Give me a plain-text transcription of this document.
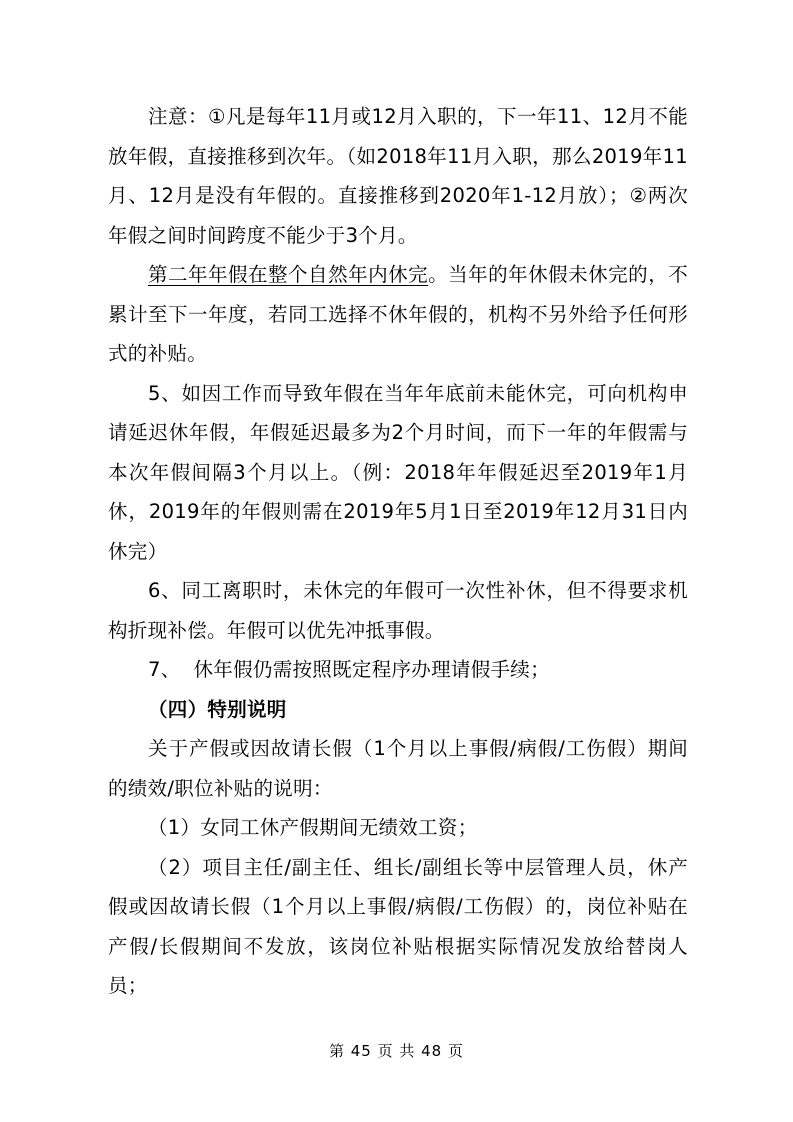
注意：①凡是每年11月或12月入职的，下一年11、12月不能放年假，直接推移到次年。（如2018年11月入职，那么2019年11月、12月是没有年假的。直接推移到2020年1-12月放）；②两次年假之间时间跨度不能少于3个月。

第二年年假在整个自然年内休完。当年的年休假未休完的，不累计至下一年度，若同工选择不休年假的，机构不另外给予任何形式的补贴。

5、如因工作而导致年假在当年年底前未能休完，可向机构申请延迟休年假，年假延迟最多为2个月时间，而下一年的年假需与本次年假间隔3个月以上。（例：2018年年假延迟至2019年1月休，2019年的年假则需在2019年5月1日至2019年12月31日内休完）

6、同工离职时，未休完的年假可一次性补休，但不得要求机构折现补偿。年假可以优先冲抵事假。

7、  休年假仍需按照既定程序办理请假手续；

（四）特别说明

关于产假或因故请长假（1个月以上事假/病假/工伤假）期间的绩效/职位补贴的说明：

（1）女同工休产假期间无绩效工资；

（2）项目主任/副主任、组长/副组长等中层管理人员，休产假或因故请长假（1个月以上事假/病假/工伤假）的，岗位补贴在产假/长假期间不发放，该岗位补贴根据实际情况发放给替岗人员；

第 45 页 共 48 页
